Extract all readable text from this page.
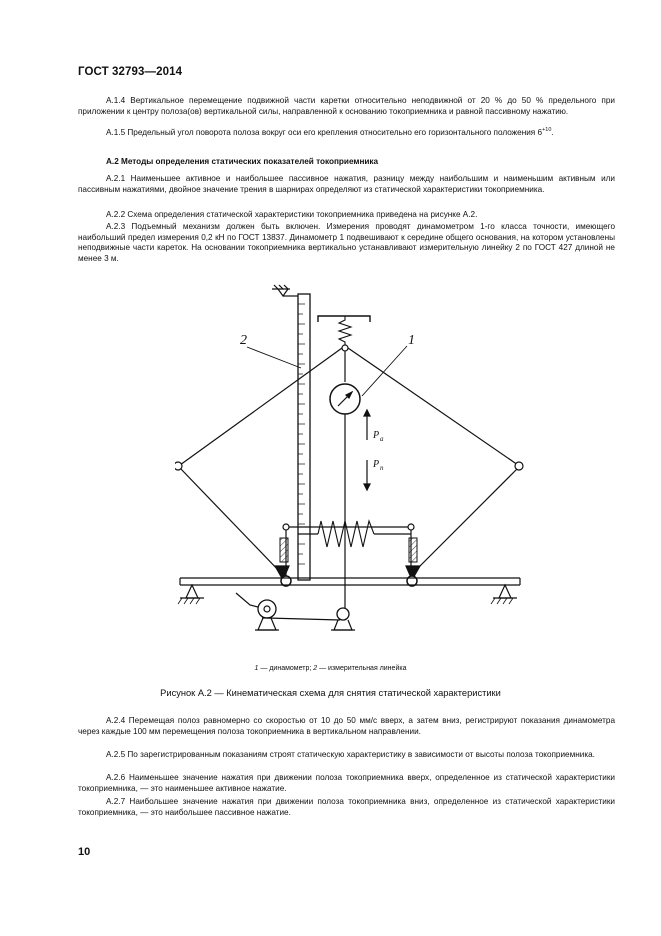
ГОСТ 32793—2014
А.1.4 Вертикальное перемещение подвижной части каретки относительно неподвижной от 20 % до 50 % предельного при приложении к центру полоза(ов) вертикальной силы, направленной к основанию токоприемника и равной пассивному нажатию.
А.1.5 Предельный угол поворота полоза вокруг оси его крепления относительно его горизонтального положения $6^{+10}$.
А.2 Методы определения статических показателей токоприемника
А.2.1 Наименьшее активное и наибольшее пассивное нажатия, разницу между наибольшим и наименьшим активным или пассивным нажатиями, двойное значение трения в шарнирах определяют из статической характеристики токоприемника.
А.2.2 Схема определения статической характеристики токоприемника приведена на рисунке А.2.
А.2.3 Подъемный механизм должен быть включен. Измерения проводят динамометром 1-го класса точности, имеющего наибольший предел измерения 0,2 кН по ГОСТ 13837. Динамометр 1 подвешивают к середине общего основания, на котором установлены неподвижные части кареток. На основании токоприемника вертикально устанавливают измерительную линейку 2 по ГОСТ 427 длиной не менее 3 м.
2	1
P a
P п
1 — динамометр; 2 — измерительная линейка
Рисунок А.2 — Кинематическая схема для снятия статической характеристики
А.2.4 Перемещая полоз равномерно со скоростью от 10 до 50 мм/с вверх, а затем вниз, регистрируют показания динамометра через каждые 100 мм перемещения полоза токоприемника в вертикальном направлении.
А.2.5 По зарегистрированным показаниям строят статическую характеристику в зависимости от высоты полоза токоприемника.
А.2.6 Наименьшее значение нажатия при движении полоза токоприемника вверх, определенное из статической характеристики токоприемника, — это наименьшее активное нажатие.
А.2.7 Наибольшее значение нажатия при движении полоза токоприемника вниз, определенное из статической характеристики токоприемника, — это наибольшее пассивное нажатие.
10
